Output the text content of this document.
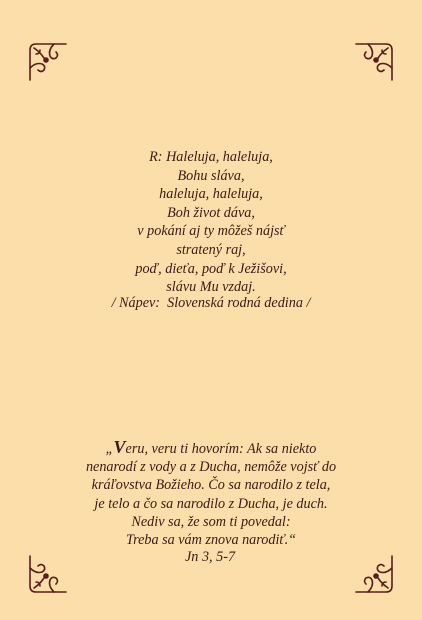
R: Haleluja, haleluja,
Bohu sláva,
haleluja, haleluja,
Boh život dáva,
v pokání aj ty môžeš nájsť
stratený raj,
poď, dieťa, poď k Ježišovi,
slávu Mu vzdaj.
/ Nápev:  Slovenská rodná dedina /
„Veru, veru ti hovorím: Ak sa niekto
nenarodí z vody a z Ducha, nemôže vojsť do
kráľovstva Božieho. Čo sa narodilo z tela,
je telo a čo sa narodilo z Ducha, je duch.
Nediv sa, že som ti povedal:
Treba sa vám znova narodiť.“
Jn 3, 5-7
